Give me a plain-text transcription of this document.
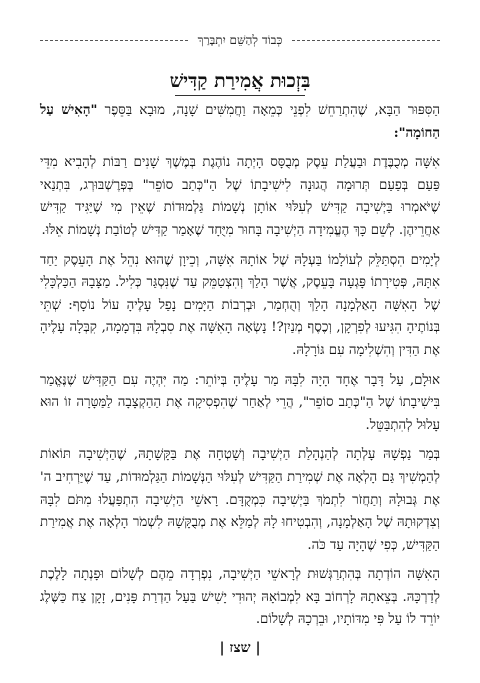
כְּבוֹד לְהַשֵּׁם יִתְבָּרַךְ
בִּזְכוּת אֲמִירַת קַדִּישׁ

הַסִּפּוּר הַבָּא, שֶׁהִתְרַחֵשׁ לִפְנֵי כְּמֵאָה וַחֲמִשִּׁים שָׁנָה, מוּבָא בַּסֵּפֶר "הָאִישׁ עַל הַחוֹמָה":

אִשָּׁה מְכֻבֶּדֶת וּבַעֲלַת עֵסֶק מְבֻסָּס הָיְתָה נוֹהֶגֶת בְּמֶשֶׁךְ שָׁנִים רַבּוֹת לְהָבִיא מִדֵּי פַּעַם בְּפַעַם תְּרוּמָה הֲגוּנָה לִישִׁיבָתוֹ שֶׁל הַ"כְּתַב סוֹפֵר" בְּפְּרֶשְׁבּוּרְג, בִּתְנַאי שֶׁיֹּאמְרוּ בַּיְשִׁיבָה קַדִּישׁ לְעִלּוּי אוֹתָן נְשָׁמוֹת גַּלְמוּדוֹת שֶׁאֵין מִי שֶׁיַּגִּיד קַדִּישׁ אַחֲרֵיהֶן. לְשֵׁם כָּךְ הֶעֱמִידָה הַיְשִׁיבָה בָּחוּר מִיֻּחָד שֶׁאָמַר קַדִּישׁ לְטוֹבַת נְשָׁמוֹת אֵלּוּ.

לְיָמִים הִסְתַּלֵּק לְעוֹלָמוֹ בַּעְלָהּ שֶׁל אוֹתָהּ אִשָּׁה, וְכֵיוָן שֶׁהוּא נִהֵל אֶת הָעֵסֶק יַחַד אִתָּהּ, פְּטִירָתוֹ פָּגְעָה בָּעֵסֶק, אֲשֶׁר הָלַךְ וְהִצְטַמֵּק עַד שֶׁנִּסְגַּר כְּלִיל. מַצָּבָהּ הַכַּלְכָּלִי שֶׁל הָאִשָּׁה הָאַלְמָנָה הָלַךְ וְהֻחְמַר, וּבְרְבוֹת הַיָּמִים נָפַל עָלֶיהָ עוֹל נוֹסָף: שְׁתֵּי בְּנוֹתֶיהָ הִגִּיעוּ לְפִרְקָן, וְכֶסֶף מְנַיִן?! נָשְׂאָה הָאִשָּׁה אֶת סִבְלָהּ בִּדְמָמָה, קִבְּלָה עָלֶיהָ אֶת הַדִּין וְהִשְׁלִימָה עִם גּוֹרָלָהּ.

אוּלָם, עַל דָּבָר אֶחָד הָיָה לִבָּהּ מַר עָלֶיהָ בְּיוֹתֵר: מַה יִּהְיֶה עִם הַקַּדִּישׁ שֶׁנֶּאֱמַר בִּישִׁיבָתוֹ שֶׁל הַ"כְּתַב סוֹפֵר", הֲרֵי לְאַחַר שֶׁהִפְסִיקָה אֶת הַהַקְצָבָה לַמַּטָּרָה זוֹ הוּא עָלוּל לְהִתְבַּטֵּל.

בְּמַר נַפְשָׁהּ עָלְתָה לְהַנְהָלַת הַיְשִׁיבָה וְשָׁטְחָה אֶת בַּקָּשָׁתָהּ, שֶׁהַיְשִׁיבָה תּוֹאוֹת לְהַמְשִׁיךְ גַּם הָלְאָה אֶת שְׁמִירַת הַקַּדִּישׁ לְעִלּוּי הַנְּשָׁמוֹת הַגַּלְמוּדוֹת, עַד שֶׁיַּרְחִיב ה' אֶת גְּבוּלָהּ וְתַחֲזֹר לִתְמֹךְ בַּיְשִׁיבָה כִּמְקֻדָּם. רָאשֵׁי הַיְשִׁיבָה הִתְפַּעֲלוּ מִתֹּם לִבָּהּ וְצִדְקוּתָהּ שֶׁל הָאַלְמָנָה, וְהִבְטִיחוּ לָהּ לְמַלֵּא אֶת מְבֻקָּשָׁהּ לִשְׁמֹר הָלְאָה אֶת אֲמִירַת הַקַּדִּישׁ, כְּפִי שֶׁהָיָה עַד כֹּה.

הָאִשָּׁה הוֹדְתָה בְּהִתְרַגְּשׁוּת לְרָאשֵׁי הַיְשִׁיבָה, נִפְרְדָה מֵהֶם לְשָׁלוֹם וּפָנְתָה לָלֶכֶת לְדַרְכָּהּ. בְּצֵאתָהּ לָרְחוֹב בָּא לִמְבוֹאָהּ יְהוּדִי יָשִׁישׁ בַּעַל הַדְרַת פָּנִים, זָקָן צַח כַּשֶּׁלֶג יוֹרֵד לוֹ עַל פִּי מִדּוֹתָיו, וּבֵרְכָהּ לְשָׁלוֹם.

| שצז |
